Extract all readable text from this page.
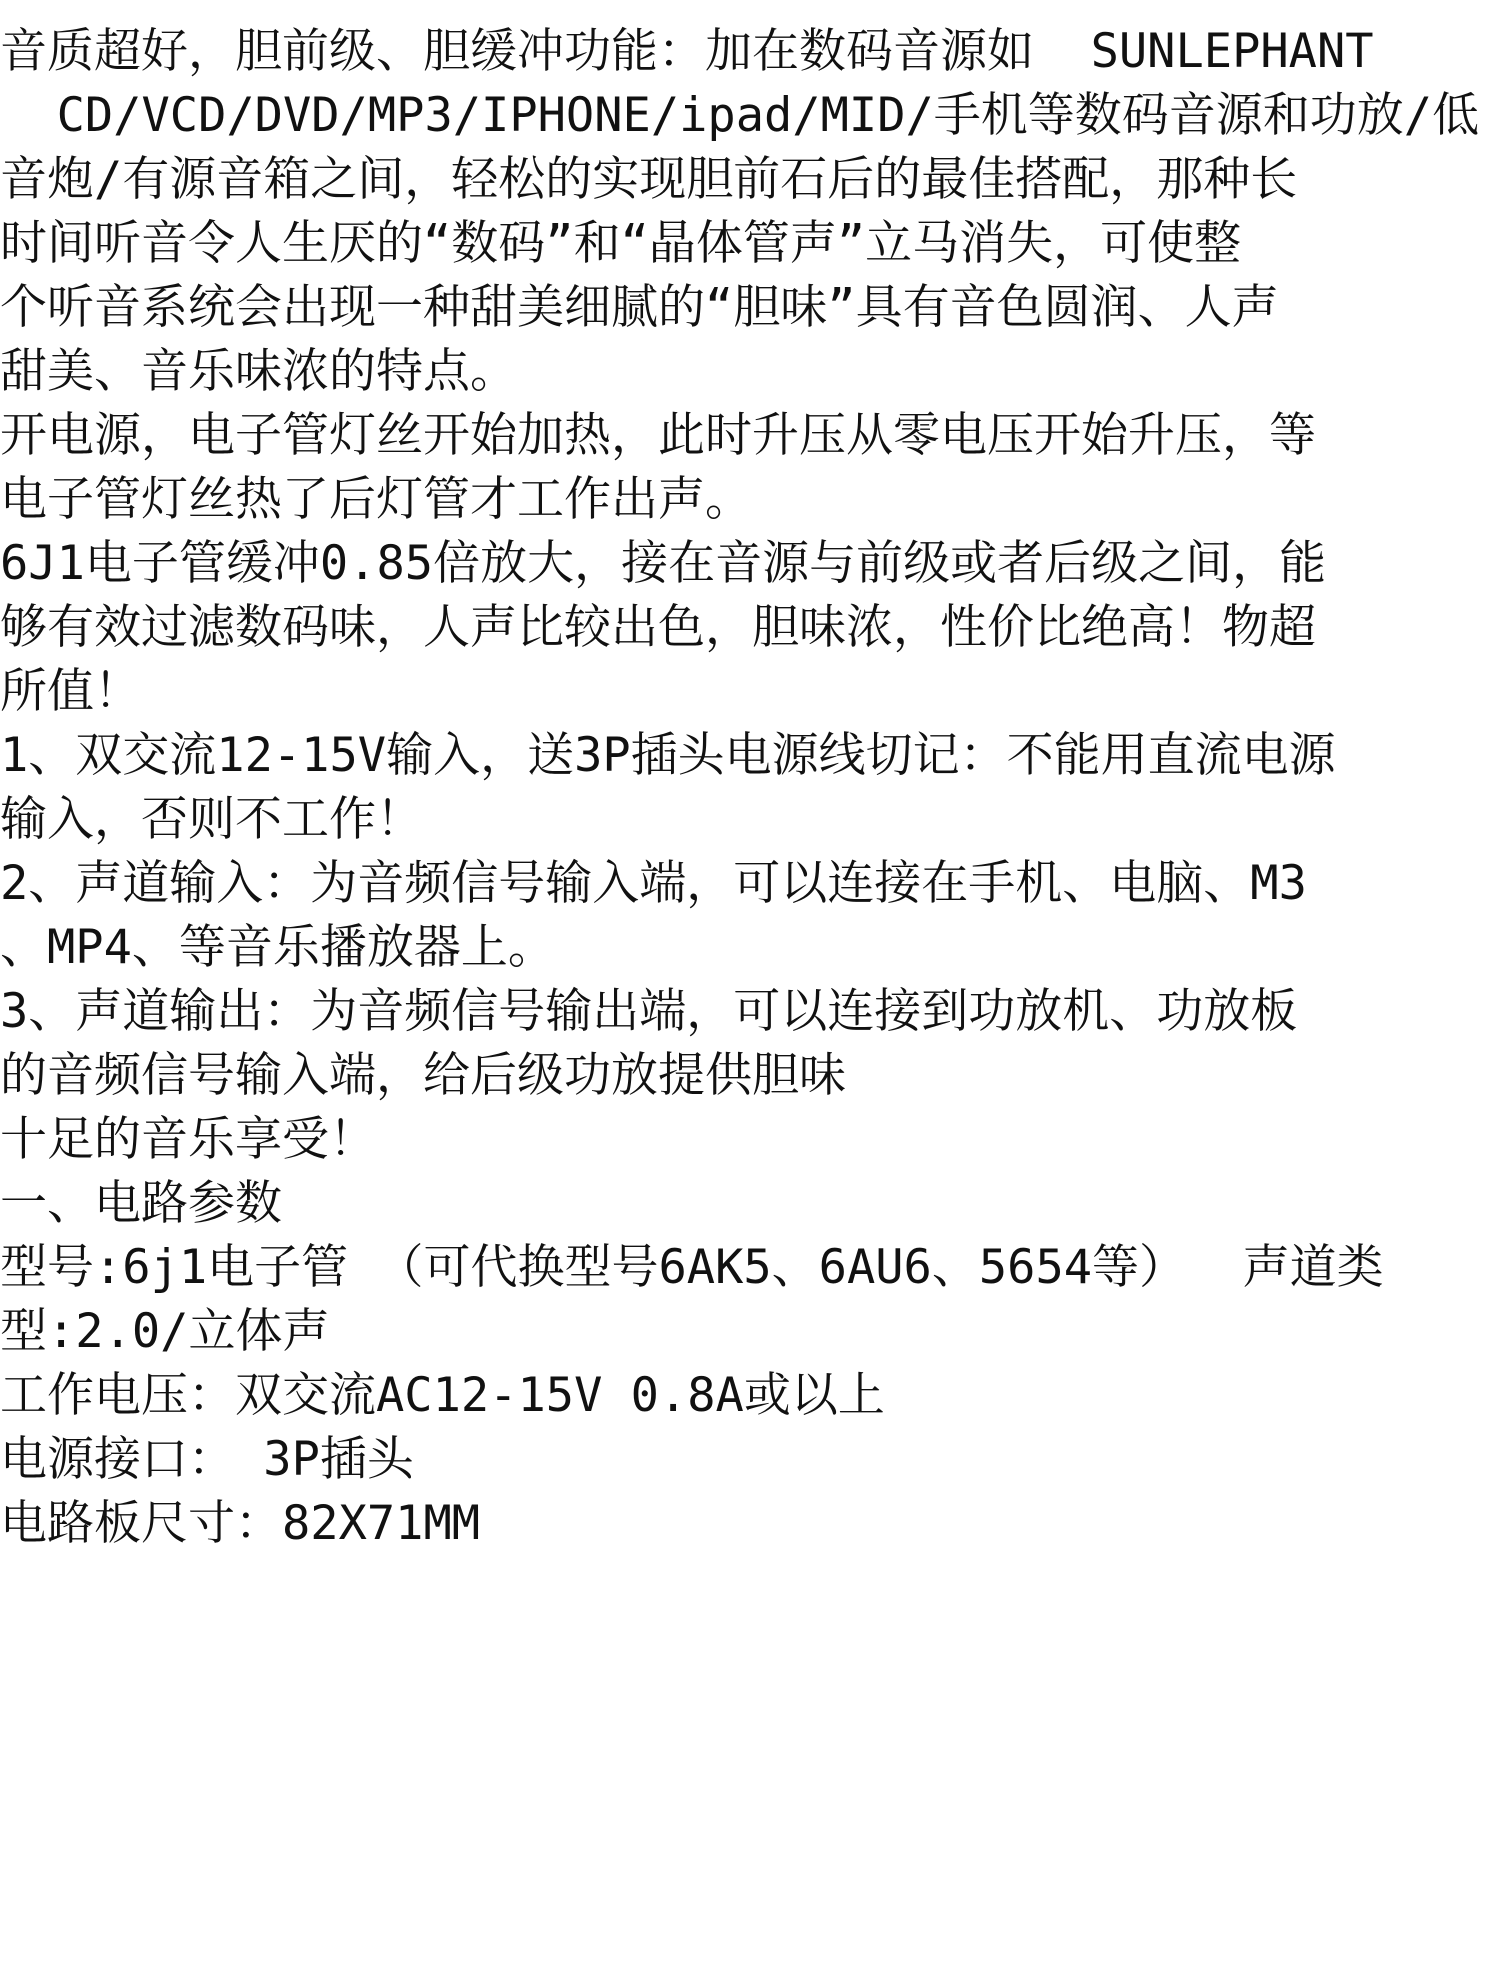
音质超好，胆前级、胆缓冲功能：加在数码音源如  SUNLEPHANT

CD/VCD/DVD/MP3/IPHONE/ipad/MID/手机等数码音源和功放/低

音炮/有源音箱之间，轻松的实现胆前石后的最佳搭配，那种长

时间听音令人生厌的“数码”和“晶体管声”立马消失，可使整

个听音系统会出现一种甜美细腻的“胆味”具有音色圆润、人声

甜美、音乐味浓的特点。

开电源，电子管灯丝开始加热，此时升压从零电压开始升压，等

电子管灯丝热了后灯管才工作出声。

6J1电子管缓冲0.85倍放大，接在音源与前级或者后级之间，能

够有效过滤数码味，人声比较出色，胆味浓，性价比绝高！物超

所值！

1、双交流12-15V输入，送3P插头电源线切记：不能用直流电源

输入，否则不工作！

2、声道输入：为音频信号输入端，可以连接在手机、电脑、M3

、MP4、等音乐播放器上。

3、声道输出：为音频信号输出端，可以连接到功放机、功放板

的音频信号输入端，给后级功放提供胆味

十足的音乐享受！

一、电路参数

型号:6j1电子管 （可代换型号6AK5、6AU6、5654等）  声道类

型:2.0/立体声

工作电压：双交流AC12-15V 0.8A或以上

电源接口： 3P插头

电路板尺寸：82X71MM
